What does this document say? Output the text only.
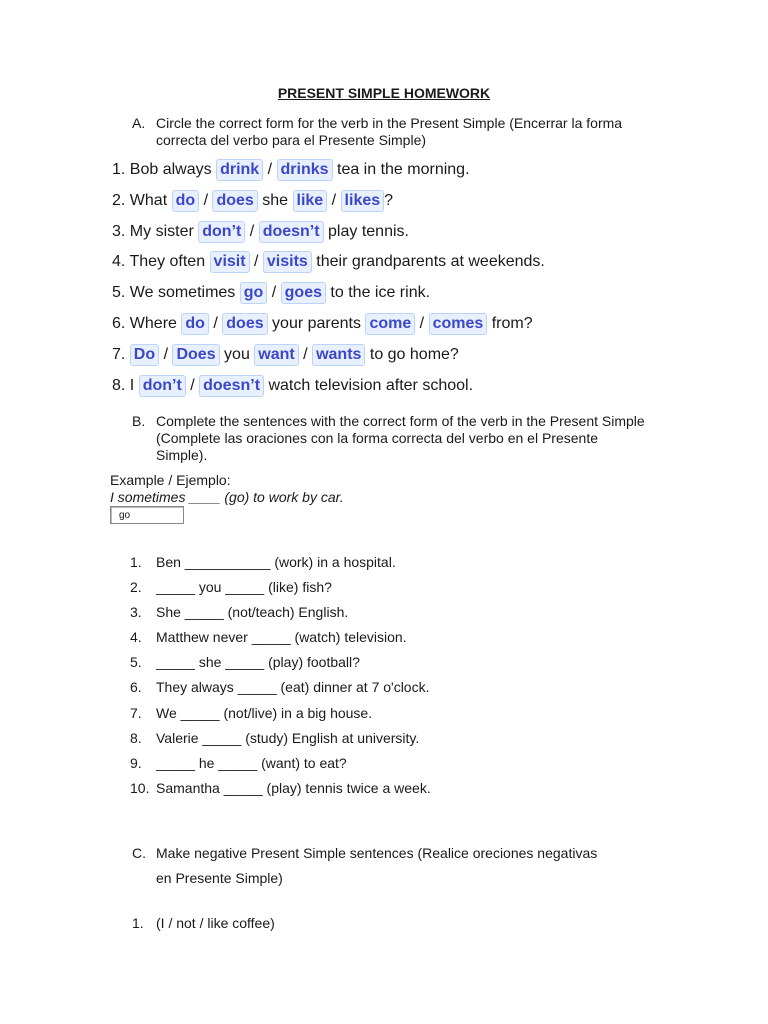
PRESENT SIMPLE HOMEWORK
A. Circle the correct form for the verb in the Present Simple (Encerrar la forma correcta del verbo para el Presente Simple)
1. Bob always drink / drinks tea in the morning.
2. What do / does she like / likes ?
3. My sister don’t / doesn’t play tennis.
4. They often visit / visits their grandparents at weekends.
5. We sometimes go / goes to the ice rink.
6. Where do / does your parents come / comes from?
7. Do / Does you want / wants to go home?
8. I don’t / doesn’t watch television after school.
B. Complete the sentences with the correct form of the verb in the Present Simple (Complete las oraciones con la forma correcta del verbo en el Presente Simple).
Example / Ejemplo:
I sometimes ____ (go) to work by car.
go
1. Ben ___________ (work) in a hospital.
2. _____ you _____ (like) fish?
3. She _____ (not/teach) English.
4. Matthew never _____ (watch) television.
5. _____ she _____ (play) football?
6. They always _____ (eat) dinner at 7 o'clock.
7. We _____ (not/live) in a big house.
8. Valerie _____ (study) English at university.
9. _____ he _____ (want) to eat?
10. Samantha _____ (play) tennis twice a week.
C. Make negative Present Simple sentences (Realice oreciones negativas
en Presente Simple)
1. (I / not / like coffee)
